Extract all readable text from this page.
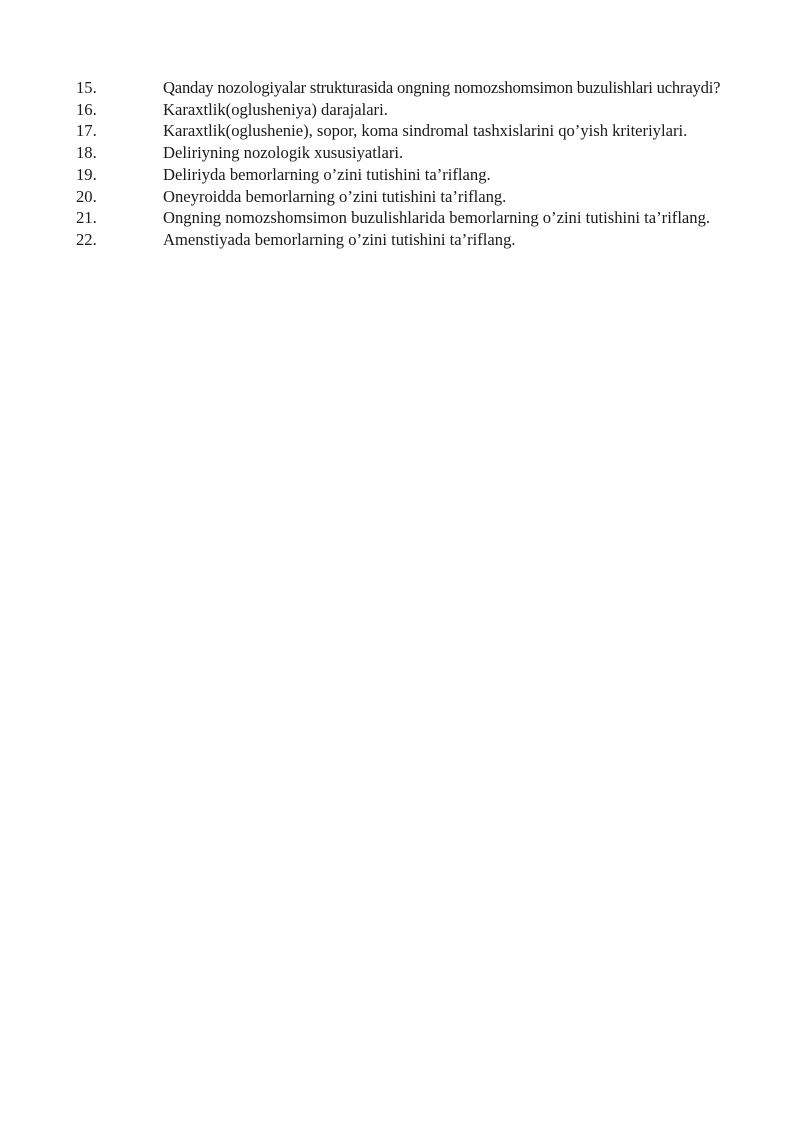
15.	Qanday nozologiyalar strukturasida ongning nomozshomsimon buzulishlari uchraydi?

16.	Karaxtlik(oglusheniya) darajalari.

17.	Karaxtlik(oglushenie), sopor, koma sindromal tashxislarini qo’yish kriteriylari.

18.	Deliriyning nozologik xususiyatlari.

19.	Deliriyda bemorlarning o’zini tutishini ta’riflang.

20.	Oneyroidda bemorlarning o’zini tutishini ta’riflang.

21.	Ongning nomozshomsimon buzulishlarida bemorlarning o’zini tutishini ta’riflang.

22.	Amenstiyada bemorlarning o’zini tutishini ta’riflang.
